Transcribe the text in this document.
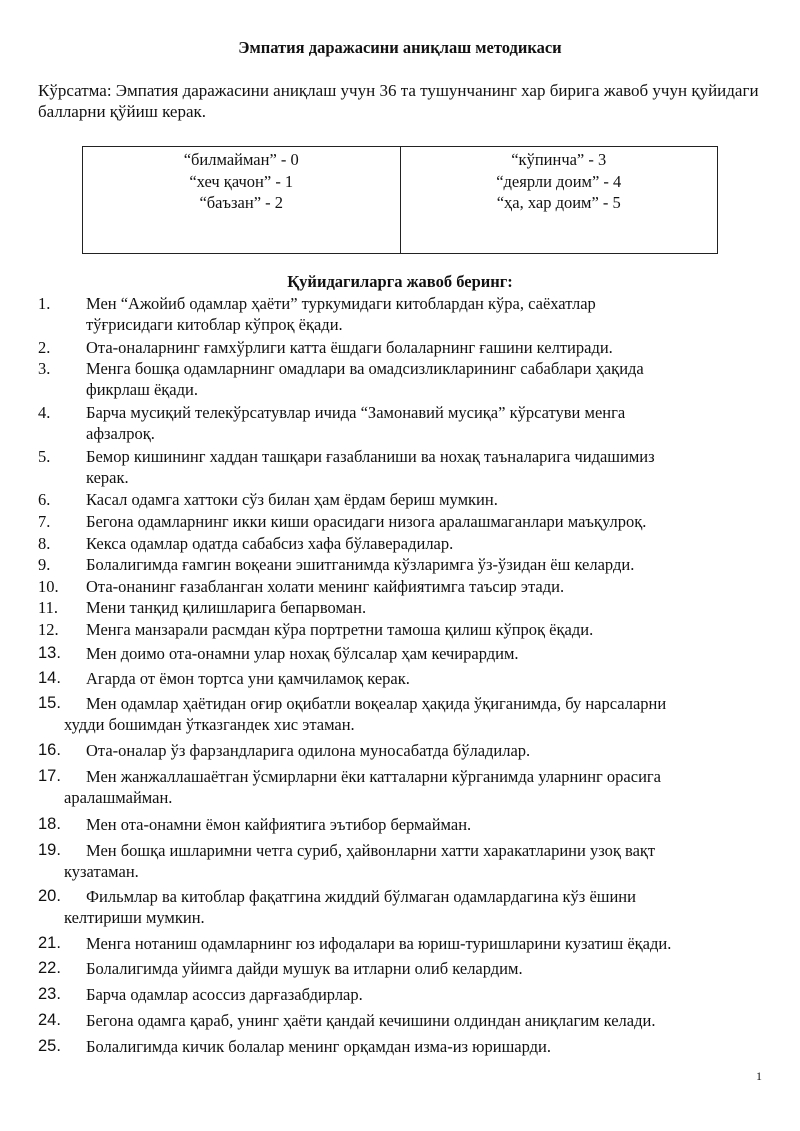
Эмпатия даражасини аниқлаш методикаси
Кўрсатма: Эмпатия даражасини аниқлаш учун 36 та тушунчанинг хар бирига жавоб учун қуйидаги балларни қўйиш керак.
“билмайман” - 0
“хеч қачон” - 1
“баъзан” - 2

“кўпинча” - 3
“деярли доим” - 4
“ҳа, хар доим” - 5
Қуйидагиларга жавоб беринг:
1.	Мен “Ажойиб одамлар ҳаёти” туркумидаги китоблардан кўра, саёхатлар
тўғрисидаги китоблар кўпроқ ёқади.
2.	Ота-оналарнинг ғамхўрлиги катта ёшдаги болаларнинг ғашини келтиради.
3.	Менга бошқа одамларнинг омадлари ва омадсизликларининг сабаблари ҳақида
фикрлаш ёқади.
4.	Барча мусиқий телекўрсатувлар ичида “Замонавий мусиқа” кўрсатуви менга
афзалроқ.
5.	Бемор кишининг хаддан ташқари ғазабланиши ва нохақ таъналарига чидашимиз
керак.
6.	Касал одамга хаттоки сўз билан ҳам ёрдам бериш мумкин.
7.	Бегона одамларнинг икки киши орасидаги низога аралашмаганлари маъқулроқ.
8.	Кекса одамлар одатда сабабсиз хафа бўлаверадилар.
9.	Болалигимда ғамгин воқеани эшитганимда кўзларимга ўз-ўзидан ёш келарди.
10.	Ота-онанинг ғазабланган холати менинг кайфиятимга таъсир этади.
11.	Мени танқид қилишларига бепарвоман.
12.	Менга манзарали расмдан кўра портретни тамоша қилиш кўпроқ ёқади.
13.	Мен доимо ота-онамни улар нохақ бўлсалар ҳам кечирардим.
14.	Агарда от ёмон тортса уни қамчиламоқ керак.
15.	Мен одамлар ҳаётидан оғир оқибатли воқеалар ҳақида ўқиганимда, бу нарсаларни
худди бошимдан ўтказгандек хис этаман.
16.	Ота-оналар ўз фарзандларига одилона муносабатда бўладилар.
17.	Мен жанжаллашаётган ўсмирларни ёки катталарни кўрганимда уларнинг орасига
аралашмайман.
18.	Мен ота-онамни ёмон кайфиятига эътибор бермайман.
19.	Мен бошқа ишларимни четга суриб, ҳайвонларни хатти харакатларини узоқ вақт
кузатаман.
20.	Фильмлар ва китоблар фақатгина жиддий бўлмаган одамлардагина кўз ёшини
келтириши мумкин.
21.	Менга нотаниш одамларнинг юз ифодалари ва юриш-туришларини кузатиш ёқади.
22.	Болалигимда уйимга дайди мушук ва итларни олиб келардим.
23.	Барча одамлар асоссиз дарғазабдирлар.
24.	Бегона одамга қараб, унинг ҳаёти қандай кечишини олдиндан аниқлагим келади.
25.	Болалигимда кичик болалар менинг орқамдан изма-из юришарди.
1
